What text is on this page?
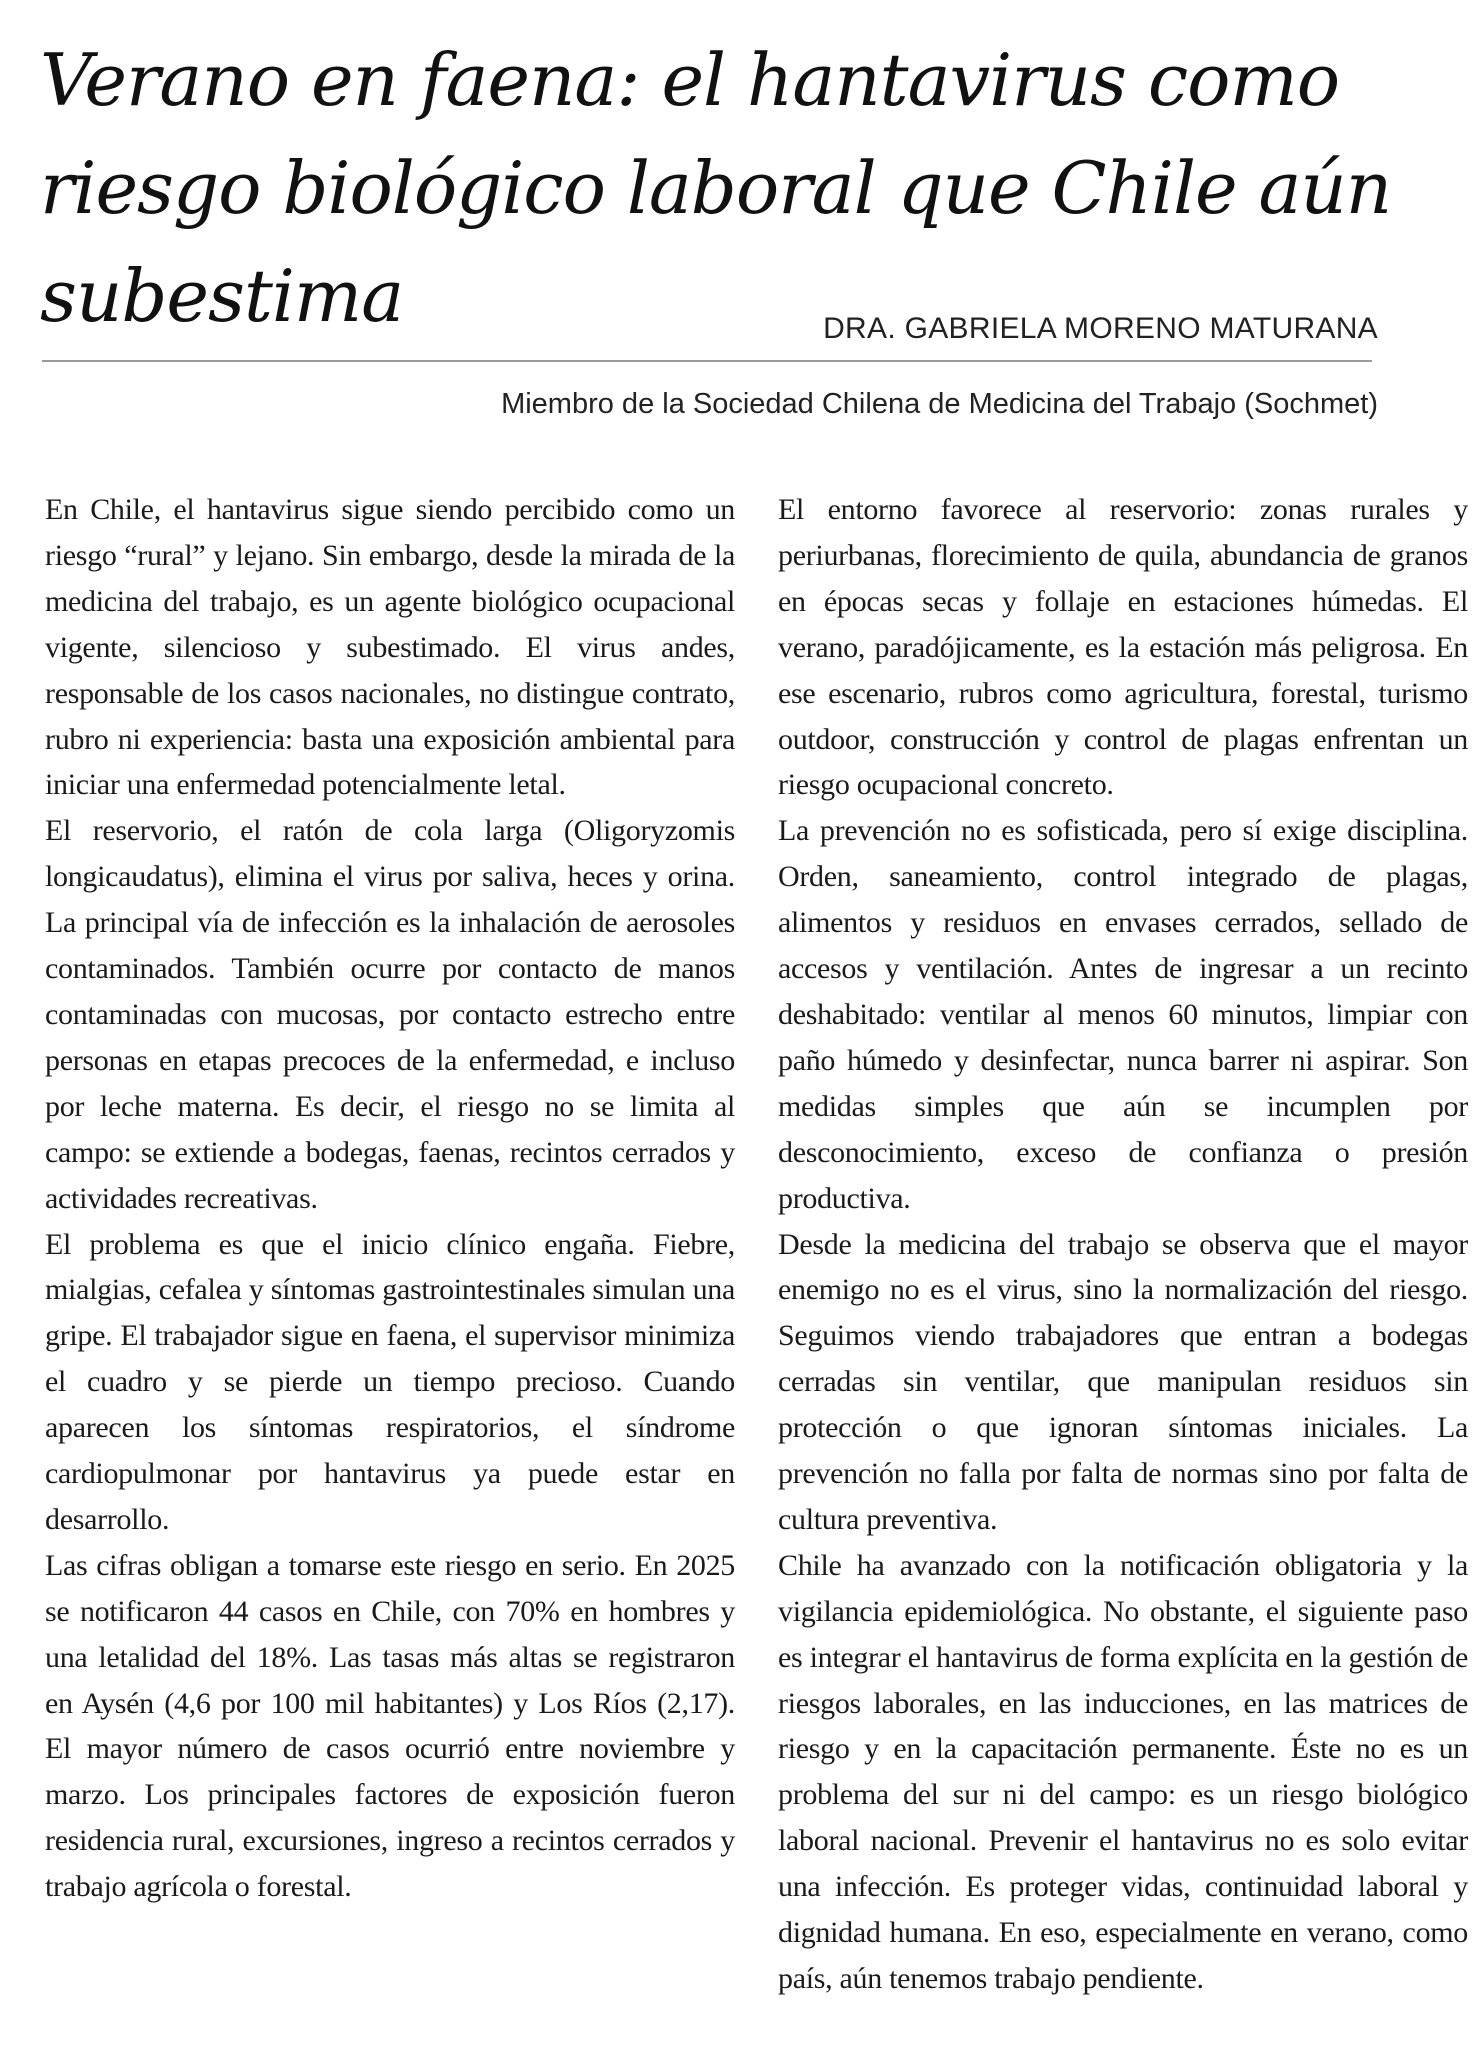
Verano en faena: el hantavirus como riesgo biológico laboral que Chile aún subestima	DRA. GABRIELA MORENO MATURANA
Miembro de la Sociedad Chilena de Medicina del Trabajo (Sochmet)

En Chile, el hantavirus sigue siendo percibido como un riesgo “rural” y lejano. Sin embargo, desde la mirada de la medicina del trabajo, es un agente biológico ocupacional vigente, silencioso y subestimado. El virus andes, responsable de los casos nacionales, no distingue contrato, rubro ni experiencia: basta una exposición ambiental para iniciar una enfermedad potencialmente letal.

El reservorio, el ratón de cola larga (Oligoryzomis longicaudatus), elimina el virus por saliva, heces y orina. La principal vía de infección es la inhalación de aerosoles contaminados. También ocurre por contacto de manos contaminadas con mucosas, por contacto estrecho entre personas en etapas precoces de la enfermedad, e incluso por leche materna. Es decir, el riesgo no se limita al campo: se extiende a bodegas, faenas, recintos cerrados y actividades recreativas.

El problema es que el inicio clínico engaña. Fiebre, mialgias, cefalea y síntomas gastrointestinales simulan una gripe. El trabajador sigue en faena, el supervisor minimiza el cuadro y se pierde un tiempo precioso. Cuando aparecen los síntomas respiratorios, el síndrome cardiopulmonar por hantavirus ya puede estar en desarrollo.

Las cifras obligan a tomarse este riesgo en serio. En 2025 se notificaron 44 casos en Chile, con 70% en hombres y una letalidad del 18%. Las tasas más altas se registraron en Aysén (4,6 por 100 mil habitantes) y Los Ríos (2,17). El mayor número de casos ocurrió entre noviembre y marzo. Los principales factores de exposición fueron residencia rural, excursiones, ingreso a recintos cerrados y trabajo agrícola o forestal.

El entorno favorece al reservorio: zonas rurales y periurbanas, florecimiento de quila, abundancia de granos en épocas secas y follaje en estaciones húmedas. El verano, paradójicamente, es la estación más peligrosa. En ese escenario, rubros como agricultura, forestal, turismo outdoor, construcción y control de plagas enfrentan un riesgo ocupacional concreto.

La prevención no es sofisticada, pero sí exige disciplina. Orden, saneamiento, control integrado de plagas, alimentos y residuos en envases cerrados, sellado de accesos y ventilación. Antes de ingresar a un recinto deshabitado: ventilar al menos 60 minutos, limpiar con paño húmedo y desinfectar, nunca barrer ni aspirar. Son medidas simples que aún se incumplen por desconocimiento, exceso de confianza o presión productiva.

Desde la medicina del trabajo se observa que el mayor enemigo no es el virus, sino la normalización del riesgo. Seguimos viendo trabajadores que entran a bodegas cerradas sin ventilar, que manipulan residuos sin protección o que ignoran síntomas iniciales. La prevención no falla por falta de normas sino por falta de cultura preventiva.

Chile ha avanzado con la notificación obligatoria y la vigilancia epidemiológica. No obstante, el siguiente paso es integrar el hantavirus de forma explícita en la gestión de riesgos laborales, en las inducciones, en las matrices de riesgo y en la capacitación permanente. Éste no es un problema del sur ni del campo: es un riesgo biológico laboral nacional. Prevenir el hantavirus no es solo evitar una infección. Es proteger vidas, continuidad laboral y dignidad humana. En eso, especialmente en verano, como país, aún tenemos trabajo pendiente.
